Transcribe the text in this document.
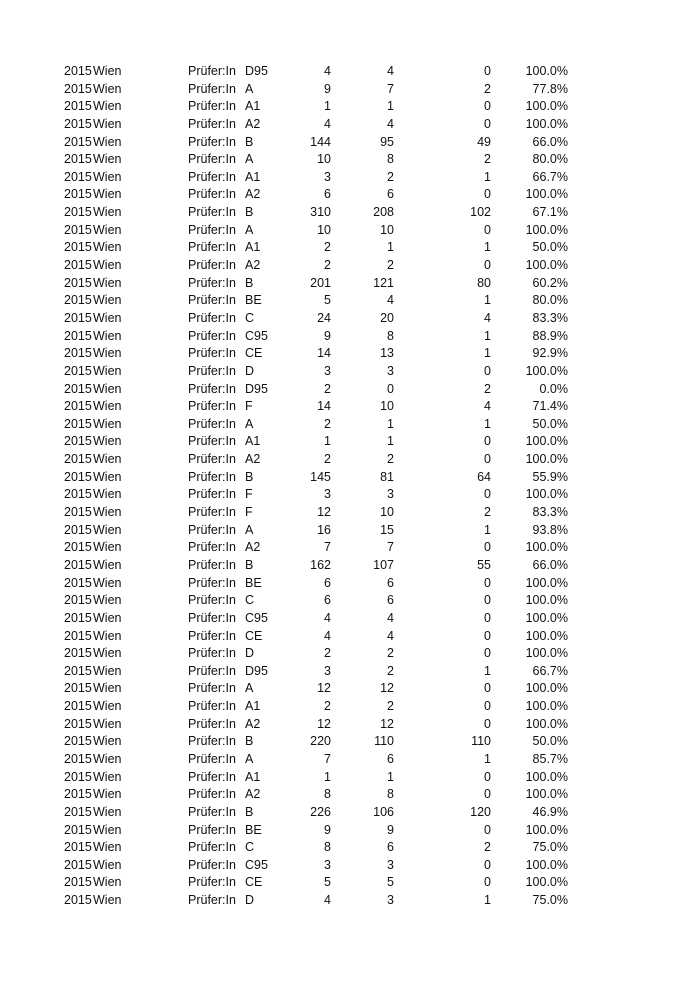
2015 Wien	Prüfer:In D95	4	4	0	100.0%
2015 Wien	Prüfer:In A	9	7	2	77.8%
2015 Wien	Prüfer:In A1	1	1	0	100.0%
2015 Wien	Prüfer:In A2	4	4	0	100.0%
2015 Wien	Prüfer:In B	144	95	49	66.0%
2015 Wien	Prüfer:In A	10	8	2	80.0%
2015 Wien	Prüfer:In A1	3	2	1	66.7%
2015 Wien	Prüfer:In A2	6	6	0	100.0%
2015 Wien	Prüfer:In B	310	208	102	67.1%
2015 Wien	Prüfer:In A	10	10	0	100.0%
2015 Wien	Prüfer:In A1	2	1	1	50.0%
2015 Wien	Prüfer:In A2	2	2	0	100.0%
2015 Wien	Prüfer:In B	201	121	80	60.2%
2015 Wien	Prüfer:In BE	5	4	1	80.0%
2015 Wien	Prüfer:In C	24	20	4	83.3%
2015 Wien	Prüfer:In C95	9	8	1	88.9%
2015 Wien	Prüfer:In CE	14	13	1	92.9%
2015 Wien	Prüfer:In D	3	3	0	100.0%
2015 Wien	Prüfer:In D95	2	0	2	0.0%
2015 Wien	Prüfer:In F	14	10	4	71.4%
2015 Wien	Prüfer:In A	2	1	1	50.0%
2015 Wien	Prüfer:In A1	1	1	0	100.0%
2015 Wien	Prüfer:In A2	2	2	0	100.0%
2015 Wien	Prüfer:In B	145	81	64	55.9%
2015 Wien	Prüfer:In F	3	3	0	100.0%
2015 Wien	Prüfer:In F	12	10	2	83.3%
2015 Wien	Prüfer:In A	16	15	1	93.8%
2015 Wien	Prüfer:In A2	7	7	0	100.0%
2015 Wien	Prüfer:In B	162	107	55	66.0%
2015 Wien	Prüfer:In BE	6	6	0	100.0%
2015 Wien	Prüfer:In C	6	6	0	100.0%
2015 Wien	Prüfer:In C95	4	4	0	100.0%
2015 Wien	Prüfer:In CE	4	4	0	100.0%
2015 Wien	Prüfer:In D	2	2	0	100.0%
2015 Wien	Prüfer:In D95	3	2	1	66.7%
2015 Wien	Prüfer:In A	12	12	0	100.0%
2015 Wien	Prüfer:In A1	2	2	0	100.0%
2015 Wien	Prüfer:In A2	12	12	0	100.0%
2015 Wien	Prüfer:In B	220	110	110	50.0%
2015 Wien	Prüfer:In A	7	6	1	85.7%
2015 Wien	Prüfer:In A1	1	1	0	100.0%
2015 Wien	Prüfer:In A2	8	8	0	100.0%
2015 Wien	Prüfer:In B	226	106	120	46.9%
2015 Wien	Prüfer:In BE	9	9	0	100.0%
2015 Wien	Prüfer:In C	8	6	2	75.0%
2015 Wien	Prüfer:In C95	3	3	0	100.0%
2015 Wien	Prüfer:In CE	5	5	0	100.0%
2015 Wien	Prüfer:In D	4	3	1	75.0%
